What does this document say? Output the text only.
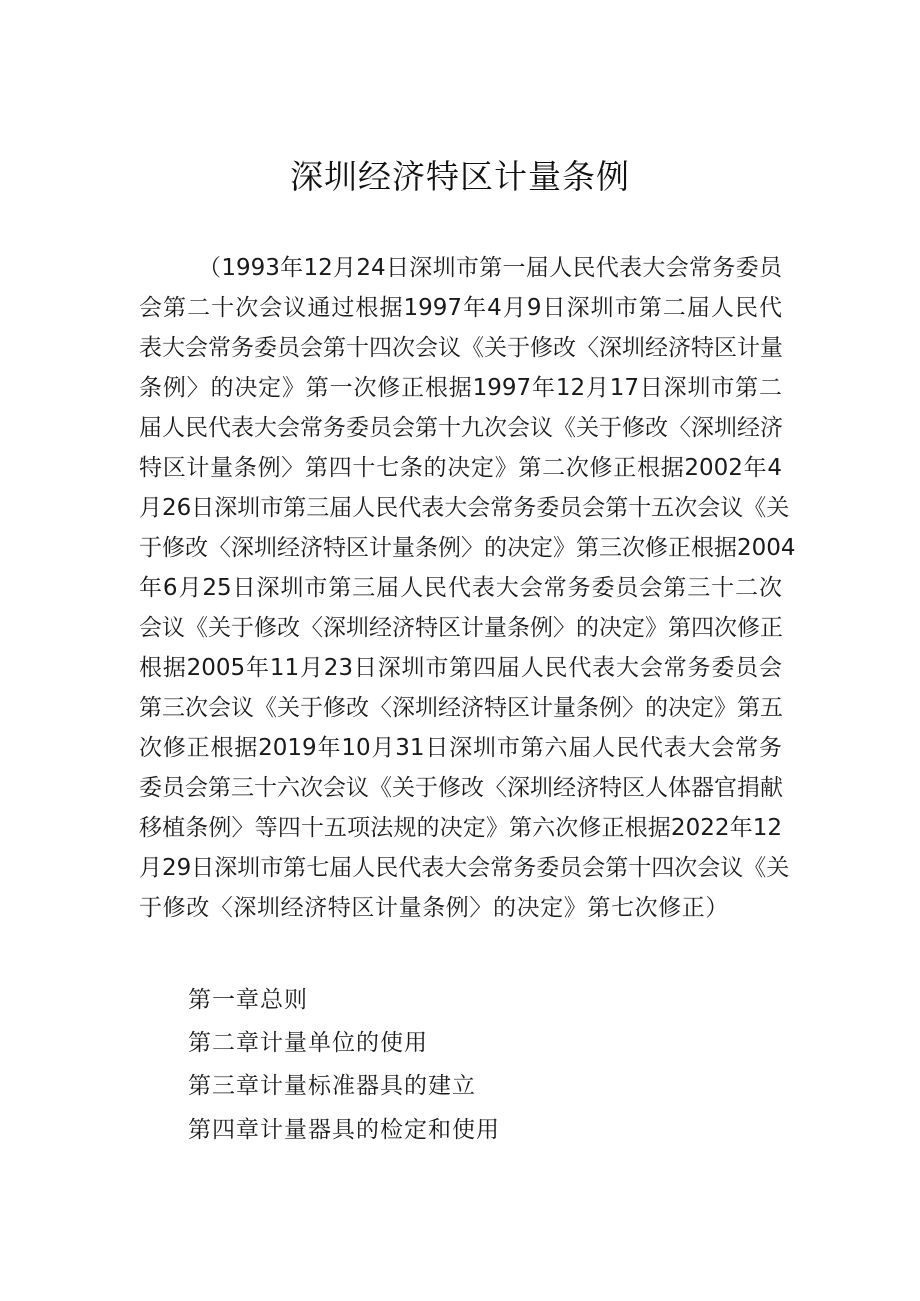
深圳经济特区计量条例
（1993年12月24日深圳市第一届人民代表大会常务委员
会第二十次会议通过根据1997年4月9日深圳市第二届人民代
表大会常务委员会第十四次会议《关于修改〈深圳经济特区计量
条例〉的决定》第一次修正根据1997年12月17日深圳市第二
届人民代表大会常务委员会第十九次会议《关于修改〈深圳经济
特区计量条例〉第四十七条的决定》第二次修正根据2002年4
月26日深圳市第三届人民代表大会常务委员会第十五次会议《关
于修改〈深圳经济特区计量条例〉的决定》第三次修正根据2004
年6月25日深圳市第三届人民代表大会常务委员会第三十二次
会议《关于修改〈深圳经济特区计量条例〉的决定》第四次修正
根据2005年11月23日深圳市第四届人民代表大会常务委员会
第三次会议《关于修改〈深圳经济特区计量条例〉的决定》第五
次修正根据2019年10月31日深圳市第六届人民代表大会常务
委员会第三十六次会议《关于修改〈深圳经济特区人体器官捐献
移植条例〉等四十五项法规的决定》第六次修正根据2022年12
月29日深圳市第七届人民代表大会常务委员会第十四次会议《关
于修改〈深圳经济特区计量条例〉的决定》第七次修正）
第一章总则
第二章计量单位的使用
第三章计量标准器具的建立
第四章计量器具的检定和使用
